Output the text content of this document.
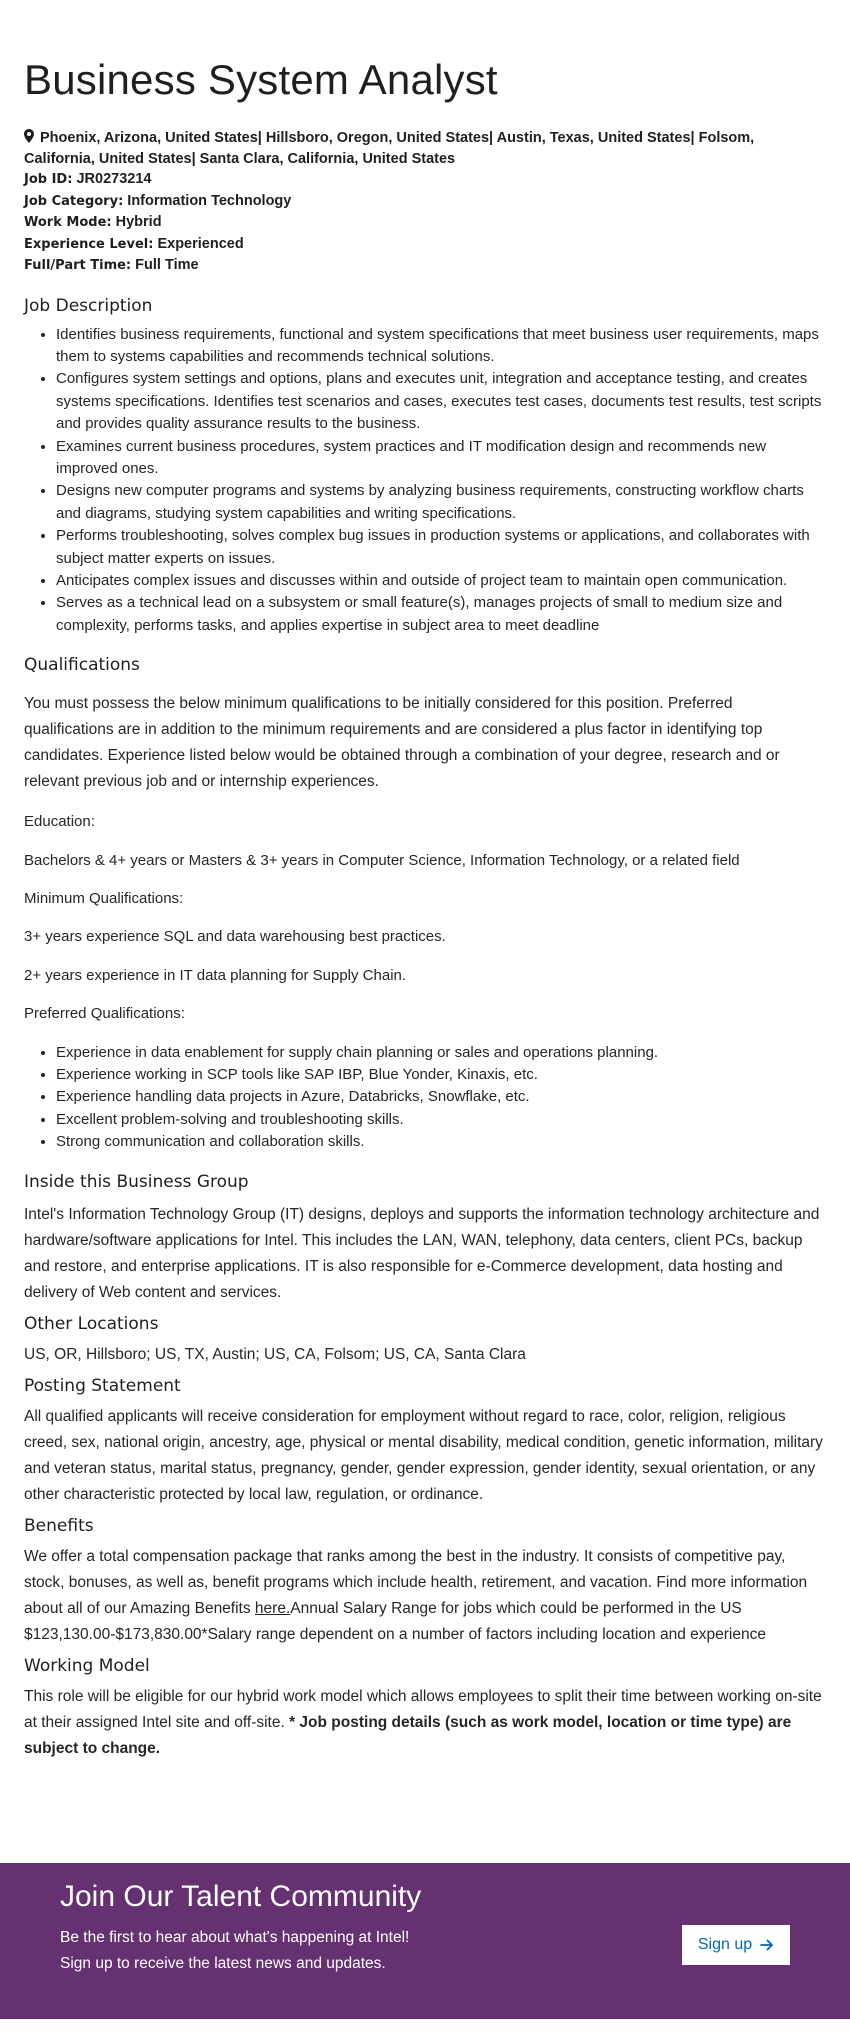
Business System Analyst
Phoenix, Arizona, United States| Hillsboro, Oregon, United States| Austin, Texas, United States| Folsom, California, United States| Santa Clara, California, United States
Job ID: JR0273214
Job Category: Information Technology
Work Mode: Hybrid
Experience Level: Experienced
Full/Part Time: Full Time
Job Description
• Identifies business requirements, functional and system specifications that meet business user requirements, maps them to systems capabilities and recommends technical solutions.
• Configures system settings and options, plans and executes unit, integration and acceptance testing, and creates systems specifications. Identifies test scenarios and cases, executes test cases, documents test results, test scripts and provides quality assurance results to the business.
• Examines current business procedures, system practices and IT modification design and recommends new improved ones.
• Designs new computer programs and systems by analyzing business requirements, constructing workflow charts and diagrams, studying system capabilities and writing specifications.
• Performs troubleshooting, solves complex bug issues in production systems or applications, and collaborates with subject matter experts on issues.
• Anticipates complex issues and discusses within and outside of project team to maintain open communication.
• Serves as a technical lead on a subsystem or small feature(s), manages projects of small to medium size and complexity, performs tasks, and applies expertise in subject area to meet deadline
Qualifications

You must possess the below minimum qualifications to be initially considered for this position. Preferred qualifications are in addition to the minimum requirements and are considered a plus factor in identifying top candidates. Experience listed below would be obtained through a combination of your degree, research and or relevant previous job and or internship experiences.

Education:

Bachelors & 4+ years or Masters & 3+ years in Computer Science, Information Technology, or a related field

Minimum Qualifications:

3+ years experience SQL and data warehousing best practices.

2+ years experience in IT data planning for Supply Chain.

Preferred Qualifications:

• Experience in data enablement for supply chain planning or sales and operations planning.
• Experience working in SCP tools like SAP IBP, Blue Yonder, Kinaxis, etc.
• Experience handling data projects in Azure, Databricks, Snowflake, etc.
• Excellent problem-solving and troubleshooting skills.
• Strong communication and collaboration skills.
Inside this Business Group

Intel's Information Technology Group (IT) designs, deploys and supports the information technology architecture and hardware/software applications for Intel. This includes the LAN, WAN, telephony, data centers, client PCs, backup and restore, and enterprise applications. IT is also responsible for e-Commerce development, data hosting and delivery of Web content and services.

Other Locations

US, OR, Hillsboro; US, TX, Austin; US, CA, Folsom; US, CA, Santa Clara

Posting Statement

All qualified applicants will receive consideration for employment without regard to race, color, religion, religious creed, sex, national origin, ancestry, age, physical or mental disability, medical condition, genetic information, military and veteran status, marital status, pregnancy, gender, gender expression, gender identity, sexual orientation, or any other characteristic protected by local law, regulation, or ordinance.

Benefits

We offer a total compensation package that ranks among the best in the industry. It consists of competitive pay, stock, bonuses, as well as, benefit programs which include health, retirement, and vacation. Find more information about all of our Amazing Benefits here.Annual Salary Range for jobs which could be performed in the US $123,130.00-$173,830.00*Salary range dependent on a number of factors including location and experience

Working Model

This role will be eligible for our hybrid work model which allows employees to split their time between working on-site at their assigned Intel site and off-site. * Job posting details (such as work model, location or time type) are subject to change.

Join Our Talent Community
Be the first to hear about what's happening at Intel! Sign up to receive the latest news and updates.
Sign up
